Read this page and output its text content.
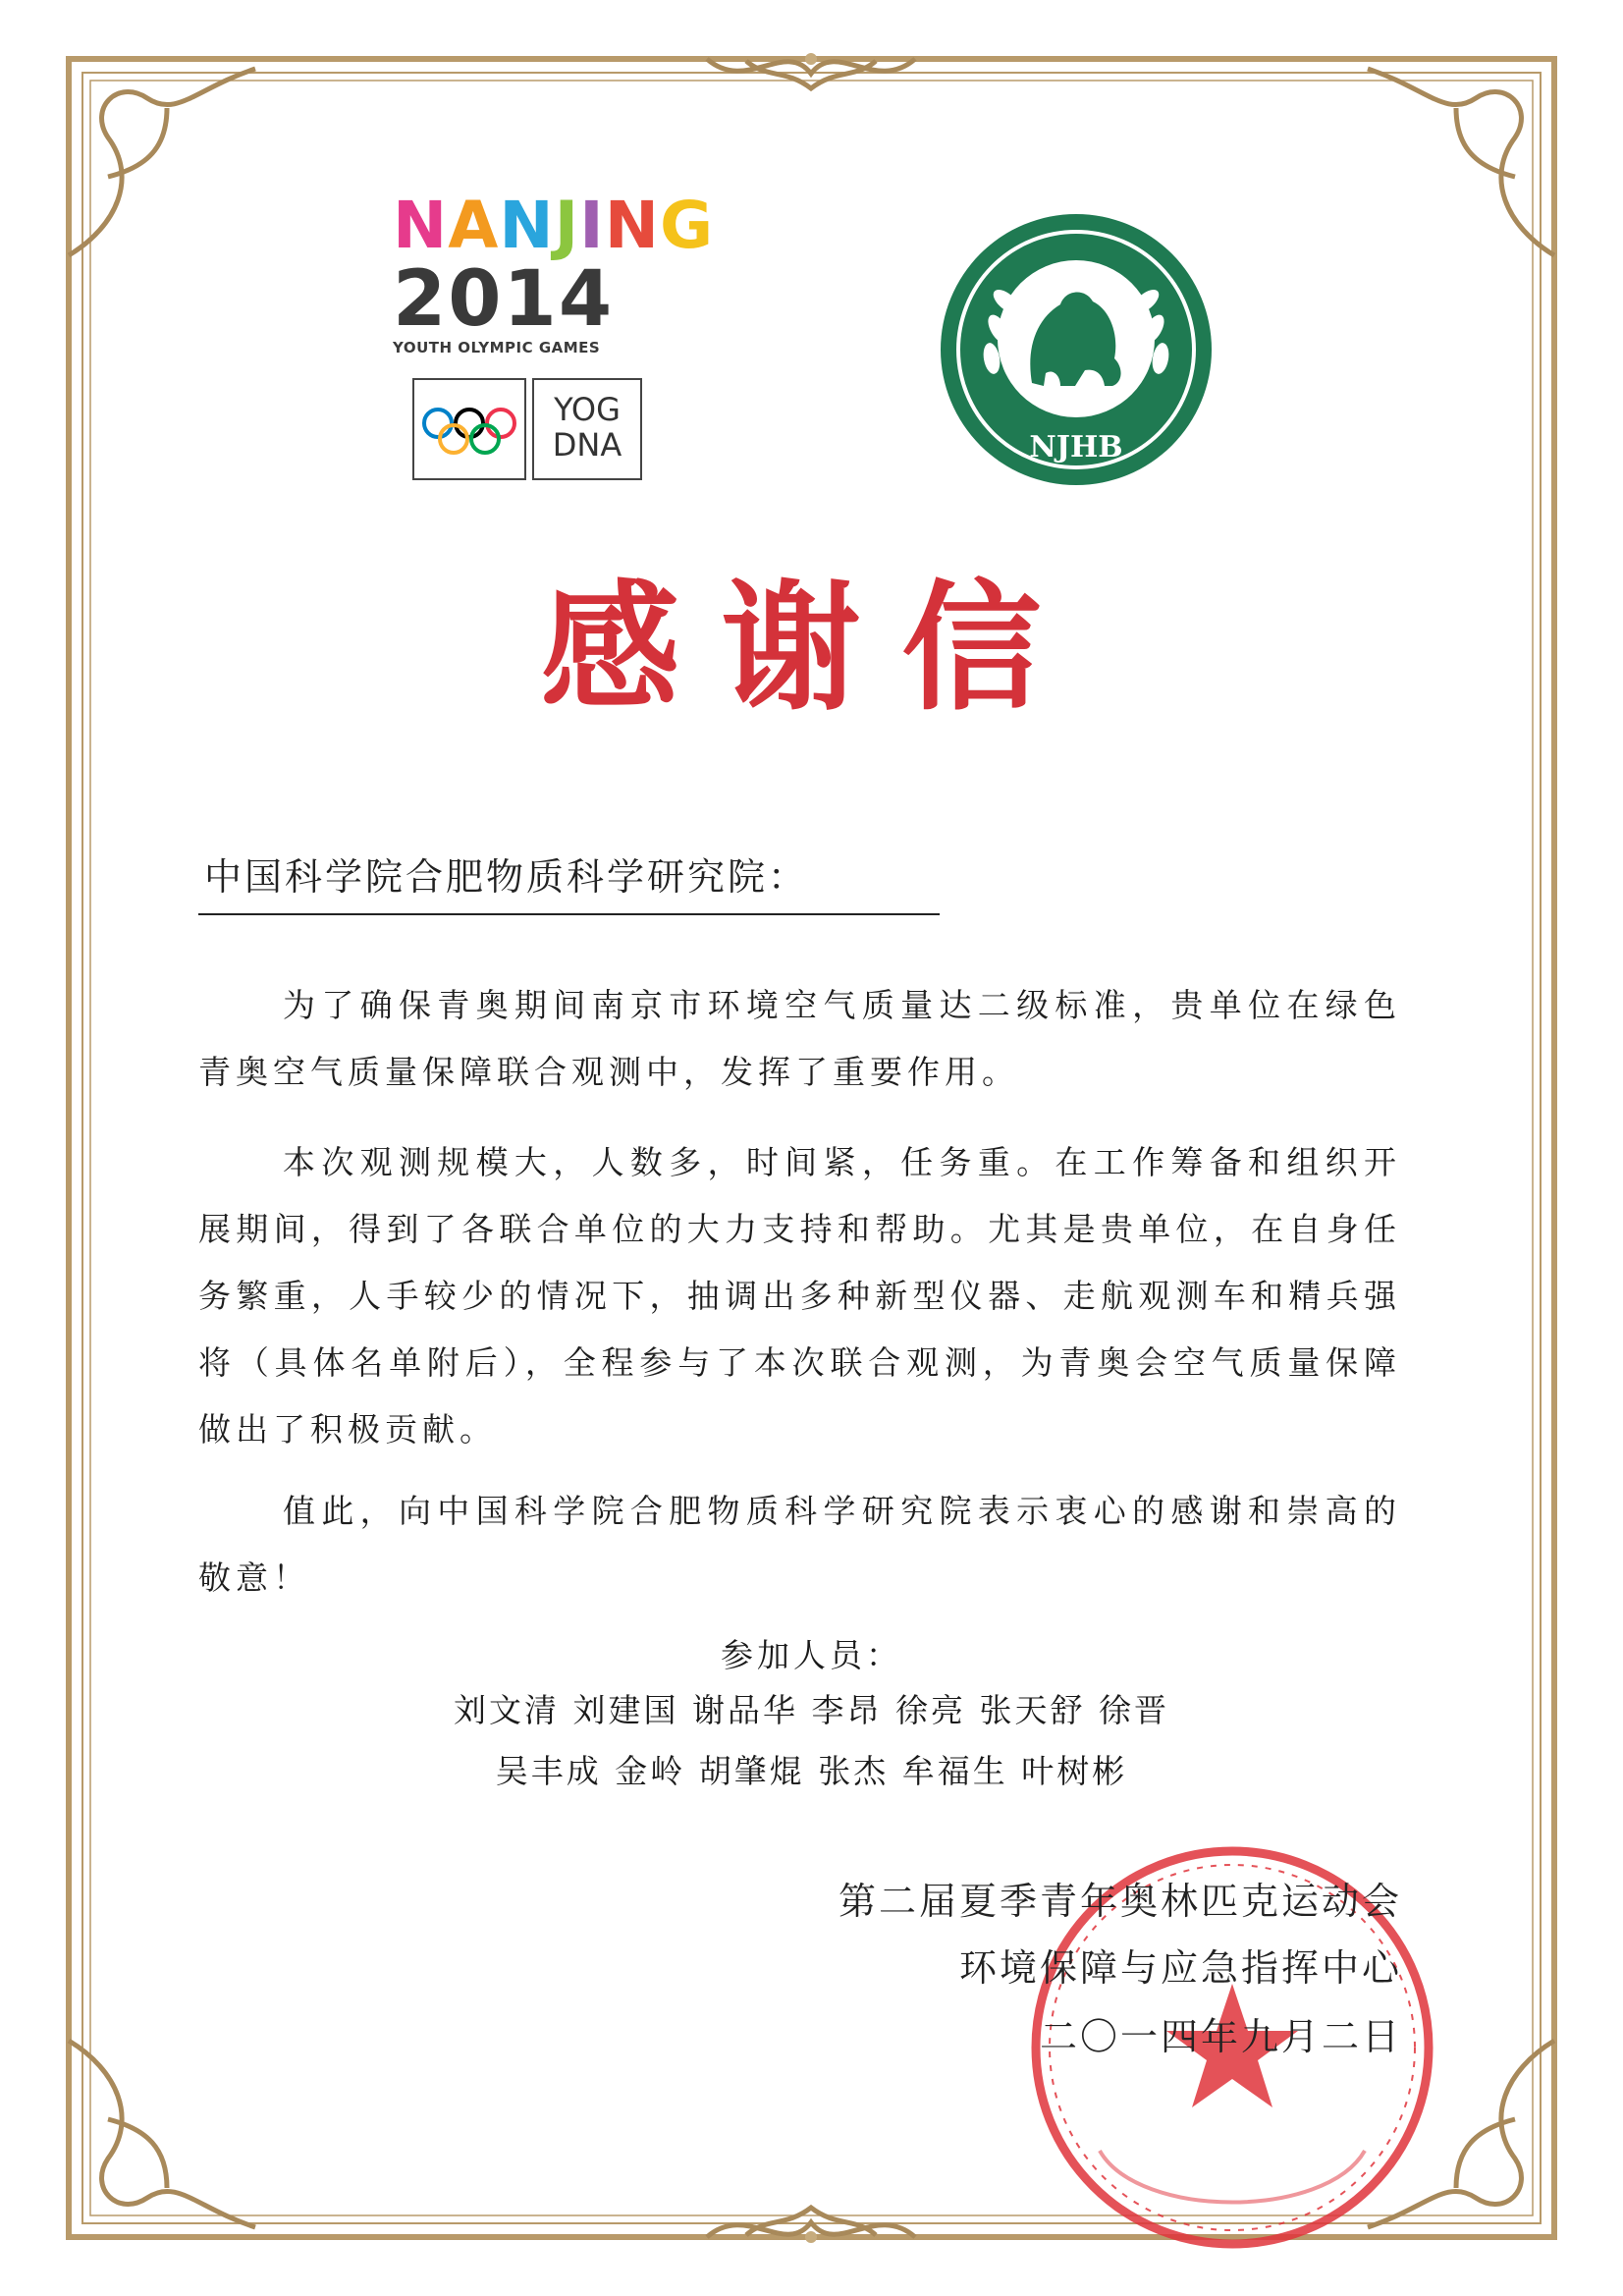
NANJING
2014
YOUTH OLYMPIC GAMES
YOG
DNA	NJHB
感谢信
中国科学院合肥物质科学研究院：

为了确保青奥期间南京市环境空气质量达二级标准，贵单位在绿色青奥空气质量保障联合观测中，发挥了重要作用。

本次观测规模大，人数多，时间紧，任务重。在工作筹备和组织开展期间，得到了各联合单位的大力支持和帮助。尤其是贵单位，在自身任务繁重，人手较少的情况下，抽调出多种新型仪器、走航观测车和精兵强将（具体名单附后），全程参与了本次联合观测，为青奥会空气质量保障做出了积极贡献。

值此，向中国科学院合肥物质科学研究院表示衷心的感谢和崇高的敬意！

参加人员：
刘文清 刘建国 谢品华 李昂 徐亮 张天舒 徐晋
吴丰成 金岭 胡肇焜 张杰 牟福生 叶树彬
第二届夏季青年奥林匹克运动会
环境保障与应急指挥中心
二〇一四年九月二日
